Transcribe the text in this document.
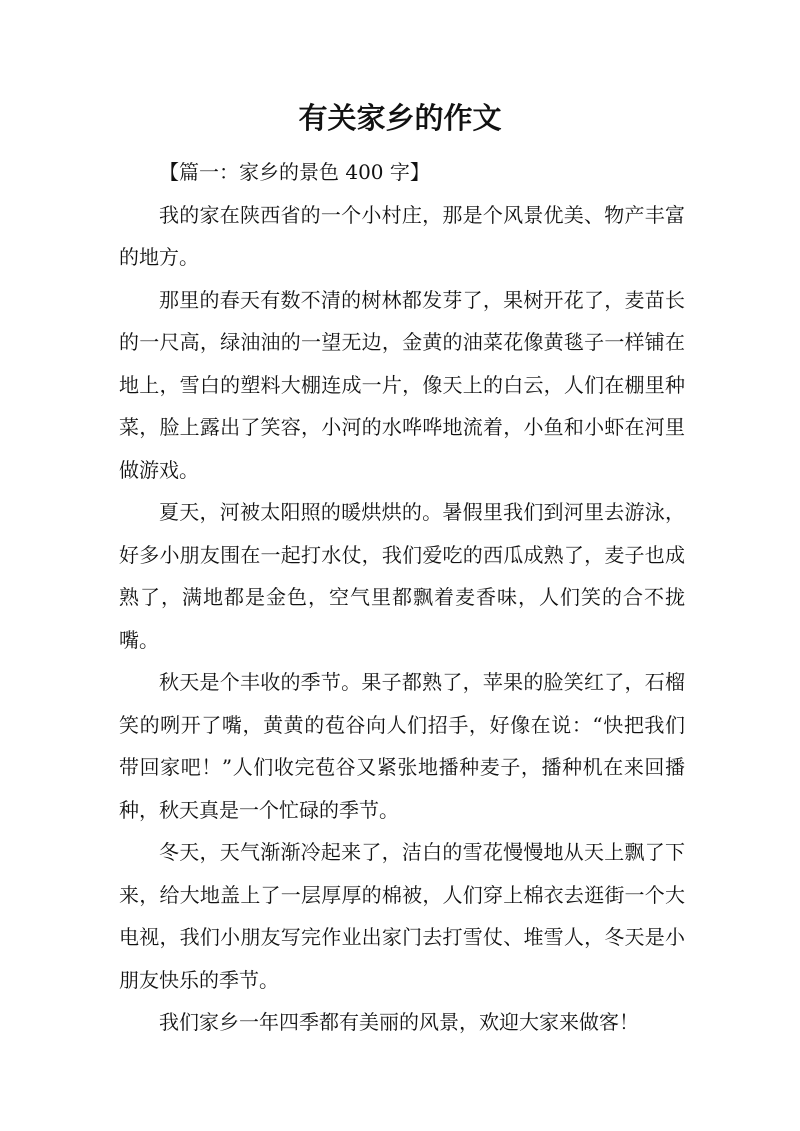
有关家乡的作文

【篇一：家乡的景色 400 字】

我的家在陕西省的一个小村庄，那是个风景优美、物产丰富的地方。

那里的春天有数不清的树林都发芽了，果树开花了，麦苗长的一尺高，绿油油的一望无边，金黄的油菜花像黄毯子一样铺在地上，雪白的塑料大棚连成一片，像天上的白云，人们在棚里种菜，脸上露出了笑容，小河的水哗哗地流着，小鱼和小虾在河里做游戏。

夏天，河被太阳照的暖烘烘的。暑假里我们到河里去游泳，好多小朋友围在一起打水仗，我们爱吃的西瓜成熟了，麦子也成熟了，满地都是金色，空气里都飘着麦香味，人们笑的合不拢嘴。

秋天是个丰收的季节。果子都熟了，苹果的脸笑红了，石榴笑的咧开了嘴，黄黄的苞谷向人们招手，好像在说：“快把我们带回家吧！”人们收完苞谷又紧张地播种麦子，播种机在来回播种，秋天真是一个忙碌的季节。

冬天，天气渐渐冷起来了，洁白的雪花慢慢地从天上飘了下来，给大地盖上了一层厚厚的棉被，人们穿上棉衣去逛街一个大电视，我们小朋友写完作业出家门去打雪仗、堆雪人，冬天是小朋友快乐的季节。

我们家乡一年四季都有美丽的风景，欢迎大家来做客！
